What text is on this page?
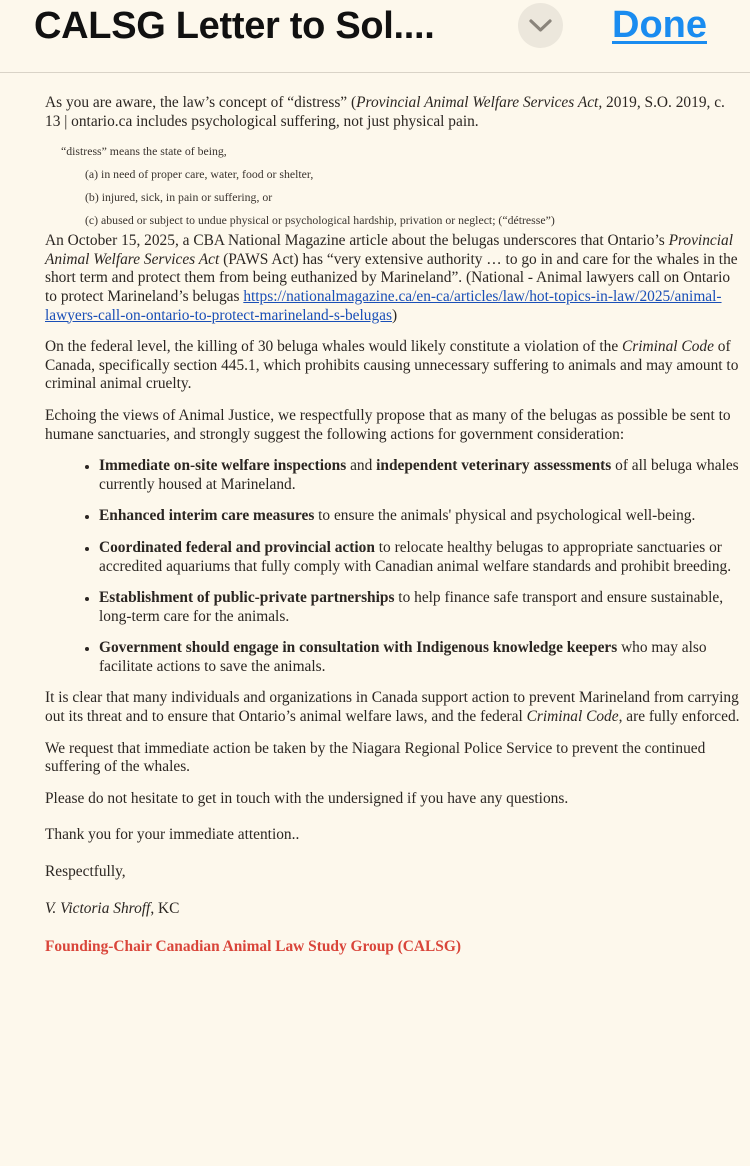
CALSG Letter to Sol....	Done

As you are aware, the law’s concept of “distress” (Provincial Animal Welfare Services Act, 2019, S.O. 2019, c. 13 | ontario.ca includes psychological suffering, not just physical pain.

“distress” means the state of being,

(a) in need of proper care, water, food or shelter,

(b) injured, sick, in pain or suffering, or

(c) abused or subject to undue physical or psychological hardship, privation or neglect; (“détresse”)

An October 15, 2025, a CBA National Magazine article about the belugas underscores that Ontario’s Provincial Animal Welfare Services Act (PAWS Act) has “very extensive authority … to go in and care for the whales in the short term and protect them from being euthanized by Marineland”. (National - Animal lawyers call on Ontario to protect Marineland’s belugas https://nationalmagazine.ca/en-ca/articles/law/hot-topics-in-law/2025/animal-lawyers-call-on-ontario-to-protect-marineland-s-belugas)

On the federal level, the killing of 30 beluga whales would likely constitute a violation of the Criminal Code of Canada, specifically section 445.1, which prohibits causing unnecessary suffering to animals and may amount to criminal animal cruelty.

Echoing the views of Animal Justice, we respectfully propose that as many of the belugas as possible be sent to humane sanctuaries, and strongly suggest the following actions for government consideration:

• Immediate on-site welfare inspections and independent veterinary assessments of all beluga whales currently housed at Marineland.
• Enhanced interim care measures to ensure the animals' physical and psychological well-being.
• Coordinated federal and provincial action to relocate healthy belugas to appropriate sanctuaries or accredited aquariums that fully comply with Canadian animal welfare standards and prohibit breeding.
• Establishment of public-private partnerships to help finance safe transport and ensure sustainable, long-term care for the animals.
• Government should engage in consultation with Indigenous knowledge keepers who may also facilitate actions to save the animals.

It is clear that many individuals and organizations in Canada support action to prevent Marineland from carrying out its threat and to ensure that Ontario’s animal welfare laws, and the federal Criminal Code, are fully enforced.

We request that immediate action be taken by the Niagara Regional Police Service to prevent the continued suffering of the whales.

Please do not hesitate to get in touch with the undersigned if you have any questions.

Thank you for your immediate attention..

Respectfully,

V. Victoria Shroff, KC

Founding-Chair Canadian Animal Law Study Group (CALSG)
